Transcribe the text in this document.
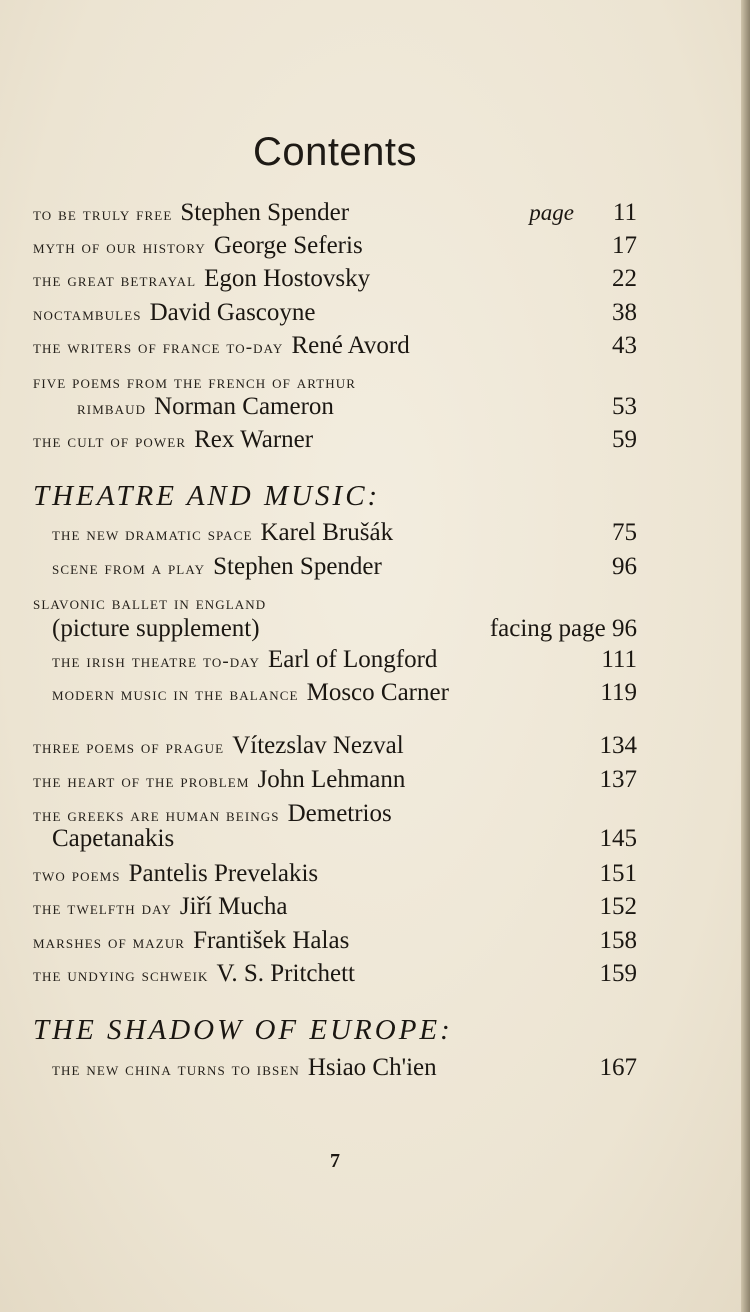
Contents
to be truly free Stephen Spender	page 11
myth of our history George Seferis	17
the great betrayal Egon Hostovsky	22
noctambules David Gascoyne	38
the writers of france to-day René Avord	43
five poems from the french of arthur
rimbaud Norman Cameron	53
the cult of power Rex Warner	59
THEATRE AND MUSIC:
the new dramatic space Karel Brušák	75
scene from a play Stephen Spender	96
slavonic ballet in england
(picture supplement)	facing page 96
the irish theatre to-day Earl of Longford	111
modern music in the balance Mosco Carner	119
three poems of prague Vítezslav Nezval	134
the heart of the problem John Lehmann	137
the greeks are human beings Demetrios
Capetanakis	145
two poems Pantelis Prevelakis	151
the twelfth day Jiří Mucha	152
marshes of mazur František Halas	158
the undying schweik V. S. Pritchett	159
THE SHADOW OF EUROPE:
the new china turns to ibsen Hsiao Ch'ien	167
7
